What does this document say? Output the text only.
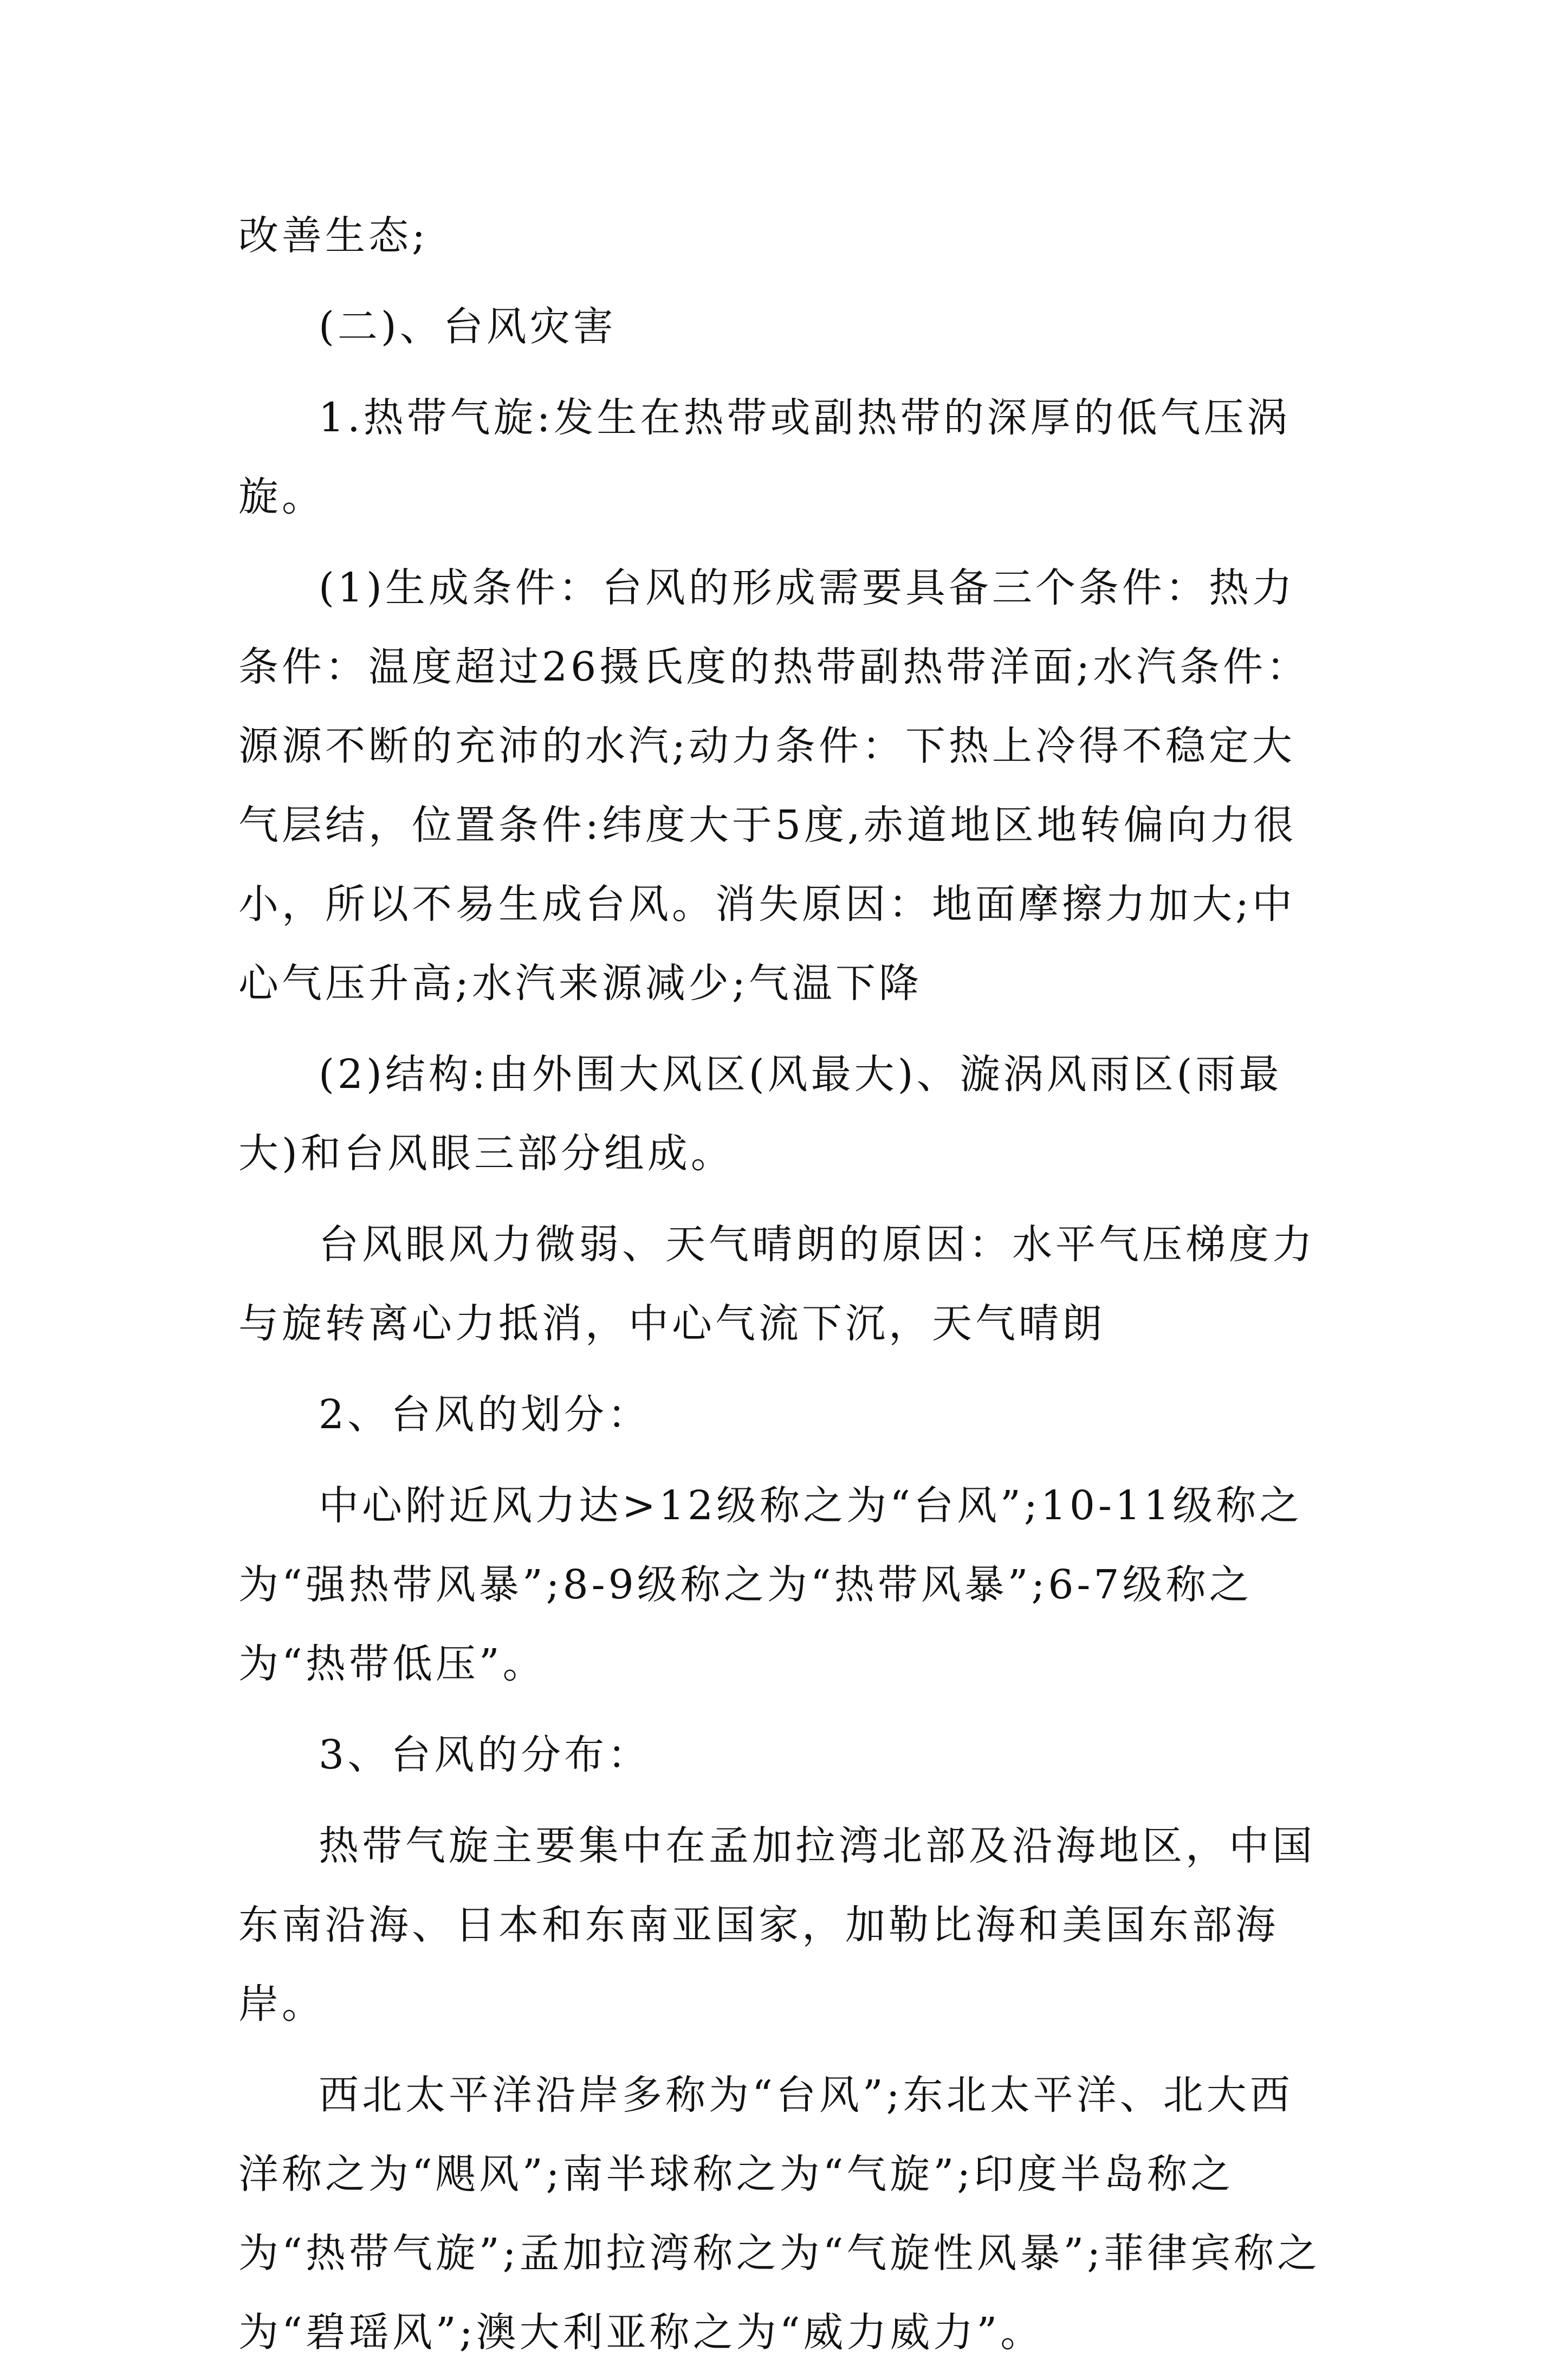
改善生态;

(二)、台风灾害

1.热带气旋:发生在热带或副热带的深厚的低气压涡旋。

(1)生成条件：台风的形成需要具备三个条件：热力条件：温度超过26摄氏度的热带副热带洋面;水汽条件：源源不断的充沛的水汽;动力条件：下热上冷得不稳定大气层结，位置条件:纬度大于5度,赤道地区地转偏向力很小，所以不易生成台风。消失原因：地面摩擦力加大;中心气压升高;水汽来源减少;气温下降

(2)结构:由外围大风区(风最大)、漩涡风雨区(雨最大)和台风眼三部分组成。

台风眼风力微弱、天气晴朗的原因：水平气压梯度力与旋转离心力抵消，中心气流下沉，天气晴朗

2、台风的划分：

中心附近风力达>12级称之为“台风”;10-11级称之为“强热带风暴”;8-9级称之为“热带风暴”;6-7级称之为“热带低压”。

3、台风的分布：

热带气旋主要集中在孟加拉湾北部及沿海地区，中国东南沿海、日本和东南亚国家，加勒比海和美国东部海岸。

西北太平洋沿岸多称为“台风”;东北太平洋、北大西洋称之为“飓风”;南半球称之为“气旋”;印度半岛称之为“热带气旋”;孟加拉湾称之为“气旋性风暴”;菲律宾称之为“碧瑶风”;澳大利亚称之为“威力威力”。
